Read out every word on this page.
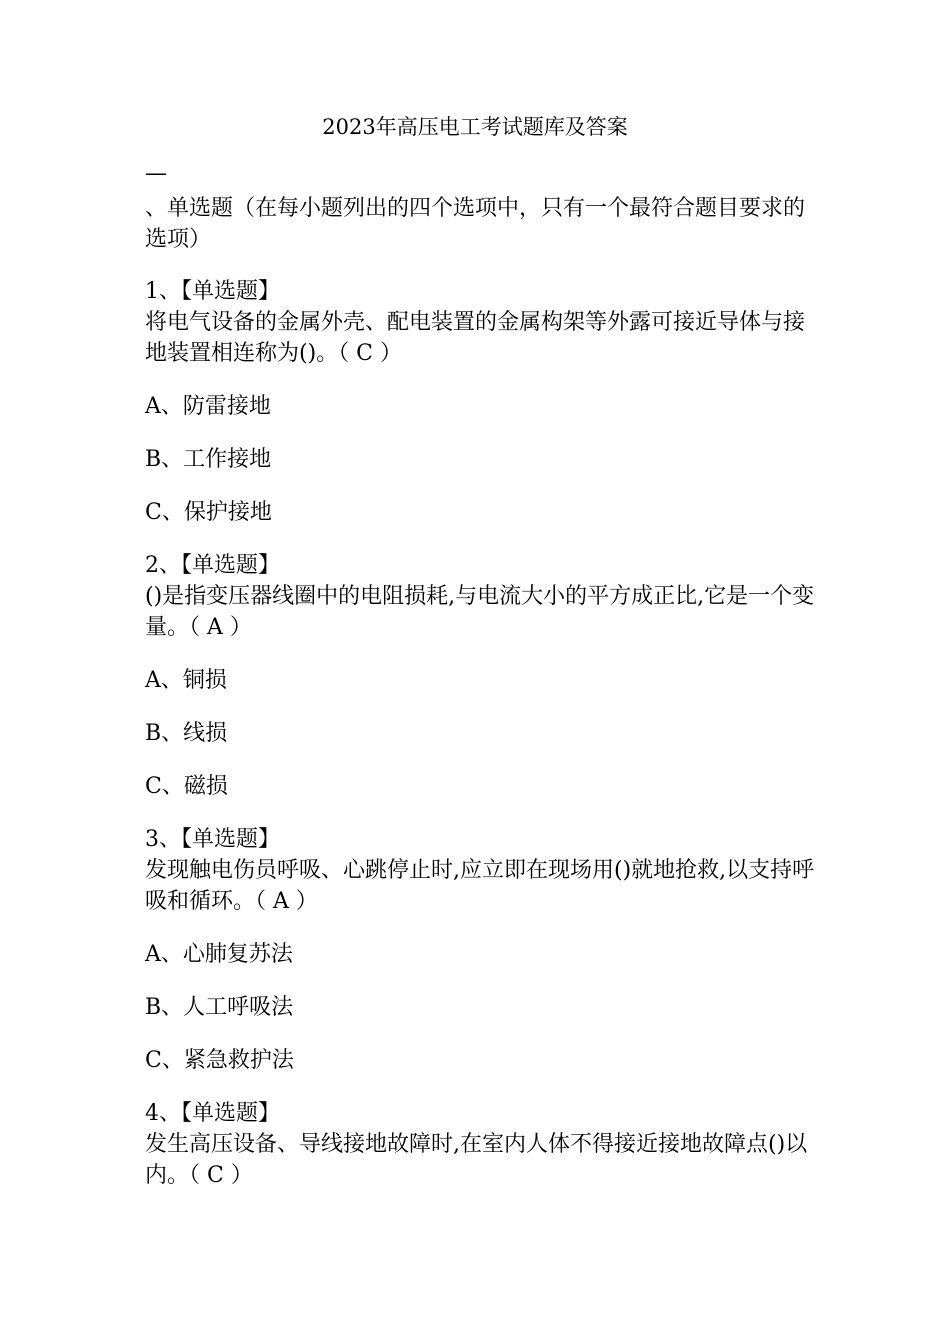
2023年高压电工考试题库及答案
—
、单选题（在每小题列出的四个选项中，只有一个最符合题目要求的选项）
1、【单选题】
将电气设备的金属外壳、配电装置的金属构架等外露可接近导体与接地装置相连称为()。（ C ）
A、防雷接地
B、工作接地
C、保护接地
2、【单选题】
()是指变压器线圈中的电阻损耗,与电流大小的平方成正比,它是一个变量。（ A ）
A、铜损
B、线损
C、磁损
3、【单选题】
发现触电伤员呼吸、心跳停止时,应立即在现场用()就地抢救,以支持呼吸和循环。（ A ）
A、心肺复苏法
B、人工呼吸法
C、紧急救护法
4、【单选题】
发生高压设备、导线接地故障时,在室内人体不得接近接地故障点()以内。（ C ）
